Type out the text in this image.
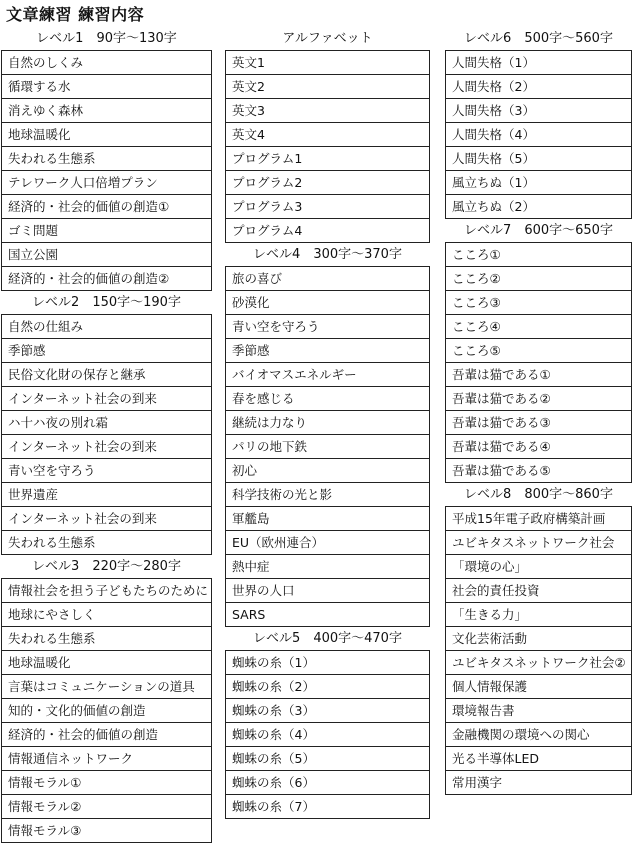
文章練習 練習内容
レベル1　90字〜130字
自然のしくみ
循環する水
消えゆく森林
地球温暖化
失われる生態系
テレワーク人口倍増プラン
経済的・社会的価値の創造①
ゴミ問題
国立公園
経済的・社会的価値の創造②
レベル2　150字〜190字
自然の仕組み
季節感
民俗文化財の保存と継承
インターネット社会の到来
ハ十ハ夜の別れ霜
インターネット社会の到来
青い空を守ろう
世界遺産
インターネット社会の到来
失われる生態系
レベル3　220字〜280字
情報社会を担う子どもたちのために
地球にやさしく
失われる生態系
地球温暖化
言葉はコミュニケーションの道具
知的・文化的価値の創造
経済的・社会的価値の創造
情報通信ネットワーク
情報モラル①
情報モラル②
情報モラル③
アルファベット
英文1
英文2
英文3
英文4
プログラム1
プログラム2
プログラム3
プログラム4
レベル4　300字〜370字
旅の喜び
砂漠化
青い空を守ろう
季節感
バイオマスエネルギー
春を感じる
継続は力なり
パリの地下鉄
初心
科学技術の光と影
軍艦島
EU（欧州連合）
熱中症
世界の人口
SARS
レベル5　400字〜470字
蜘蛛の糸（1）
蜘蛛の糸（2）
蜘蛛の糸（3）
蜘蛛の糸（4）
蜘蛛の糸（5）
蜘蛛の糸（6）
蜘蛛の糸（7）
レベル6　500字〜560字
人間失格（1）
人間失格（2）
人間失格（3）
人間失格（4）
人間失格（5）
風立ちぬ（1）
風立ちぬ（2）
レベル7　600字〜650字
こころ①
こころ②
こころ③
こころ④
こころ⑤
吾輩は猫である①
吾輩は猫である②
吾輩は猫である③
吾輩は猫である④
吾輩は猫である⑤
レベル8　800字〜860字
平成15年電子政府構築計画
ユビキタスネットワーク社会
「環境の心」
社会的責任投資
「生きる力」
文化芸術活動
ユビキタスネットワーク社会②
個人情報保護
環境報告書
金融機関の環境への関心
光る半導体LED
常用漢字
